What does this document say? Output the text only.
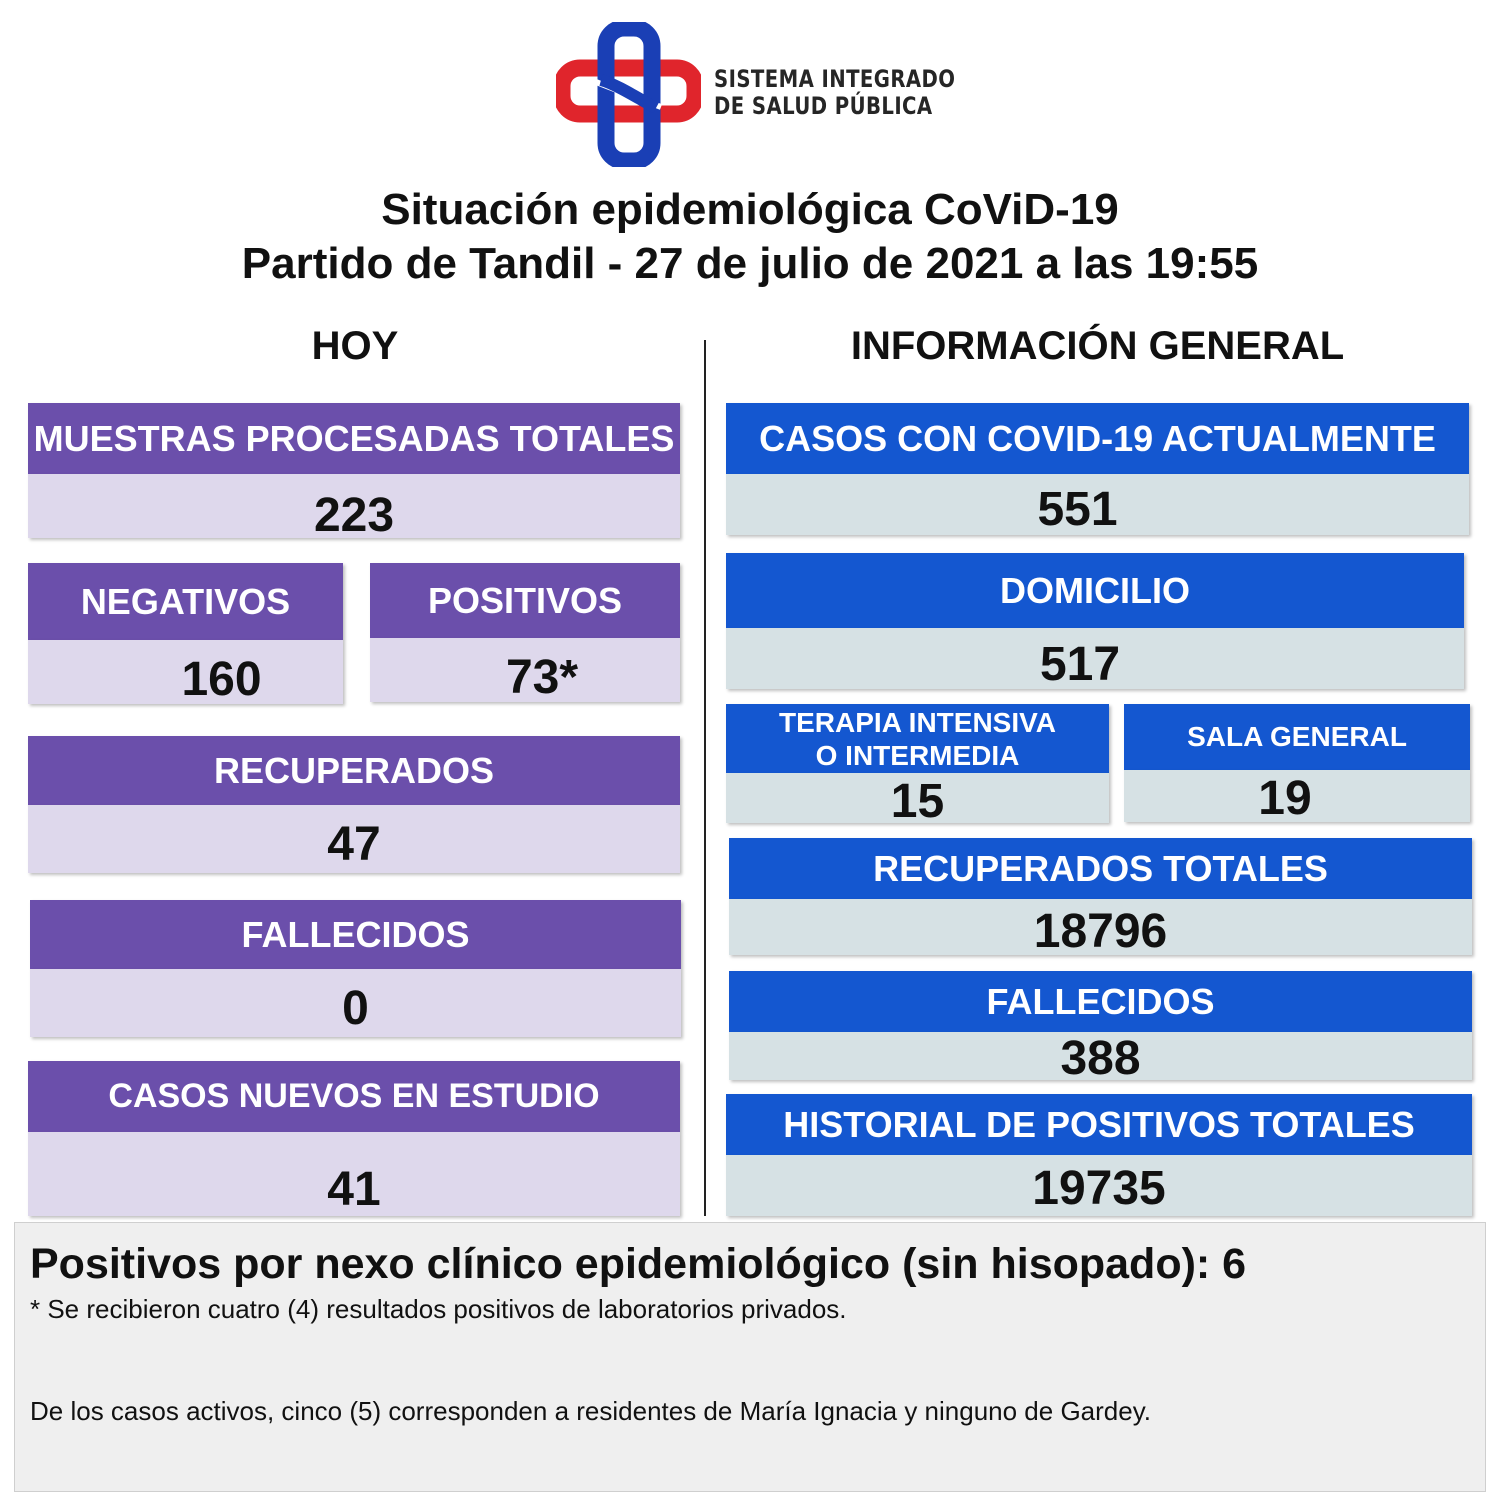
SISTEMA INTEGRADO
DE SALUD PÚBLICA
Situación epidemiológica CoViD-19
Partido de Tandil - 27 de julio de 2021 a las 19:55
HOY	INFORMACIÓN GENERAL
MUESTRAS PROCESADAS TOTALES
223
NEGATIVOS
160
POSITIVOS
73*
RECUPERADOS
47
FALLECIDOS
0
CASOS NUEVOS EN ESTUDIO
41
CASOS CON COVID-19 ACTUALMENTE
551
DOMICILIO
517
TERAPIA INTENSIVA
O INTERMEDIA
15
SALA GENERAL
19
RECUPERADOS TOTALES
18796
FALLECIDOS
388
HISTORIAL DE POSITIVOS TOTALES
19735
Positivos por nexo clínico epidemiológico (sin hisopado): 6
* Se recibieron cuatro (4) resultados positivos de laboratorios privados.
De los casos activos, cinco (5) corresponden a residentes de María Ignacia y ninguno de Gardey.
